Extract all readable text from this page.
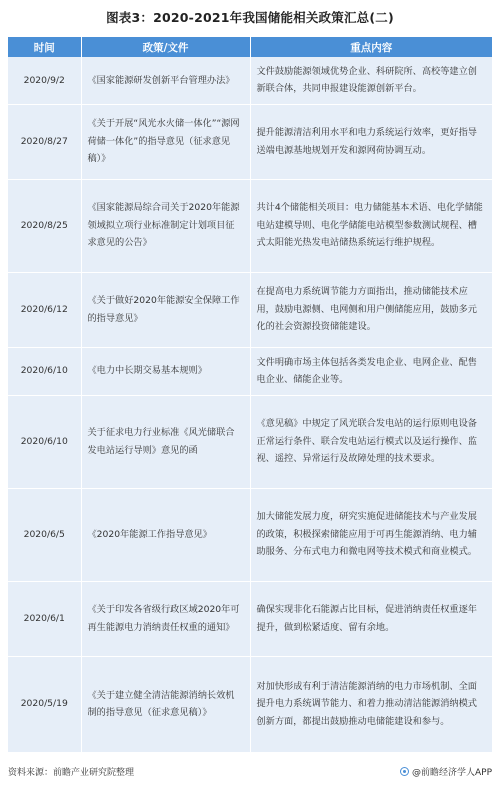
图表3：2020-2021年我国储能相关政策汇总(二)
时间	政策/文件	重点内容
2020/9/2	《国家能源研发创新平台管理办法》	文件鼓励能源领域优势企业、科研院所、高校等建立创新联合体，共同申报建设能源创新平台。
2020/8/27	《关于开展“风光水火储一体化”“源网荷储一体化”的指导意见（征求意见稿）》	提升能源清洁利用水平和电力系统运行效率，更好指导送端电源基地规划开发和源网荷协调互动。
2020/8/25	《国家能源局综合司关于2020年能源领域拟立项行业标准制定计划项目征求意见的公告》	共计4个储能相关项目：电力储能基本术语、电化学储能电站建模导则、电化学储能电站模型参数测试规程、槽式太阳能光热发电站储热系统运行维护规程。
2020/6/12	《关于做好2020年能源安全保障工作的指导意见》	在提高电力系统调节能力方面指出，推动储能技术应用，鼓励电源侧、电网侧和用户侧储能应用，鼓励多元化的社会资源投资储能建设。
2020/6/10	《电力中长期交易基本规则》	文件明确市场主体包括各类发电企业、电网企业、配售电企业、储能企业等。
2020/6/10	关于征求电力行业标准《风光储联合发电站运行导则》意见的函	《意见稿》中规定了风光联合发电站的运行原则电设备正常运行条件、联合发电站运行模式以及运行操作、监视、遥控、异常运行及故障处理的技术要求。
2020/6/5	《2020年能源工作指导意见》	加大储能发展力度，研究实施促进储能技术与产业发展的政策，积极探索储能应用于可再生能源消纳、电力辅助服务、分布式电力和微电网等技术模式和商业模式。
2020/6/1	《关于印发各省级行政区域2020年可再生能源电力消纳责任权重的通知》	确保实现非化石能源占比目标，促进消纳责任权重逐年提升，做到松紧适度、留有余地。
2020/5/19	《关于建立健全清洁能源消纳长效机制的指导意见（征求意见稿）》	对加快形成有利于清洁能源消纳的电力市场机制、全面提升电力系统调节能力、和着力推动清洁能源消纳模式创新方面，都提出鼓励推动电储能建设和参与。
资料来源：前瞻产业研究院整理	@前瞻经济学人APP
